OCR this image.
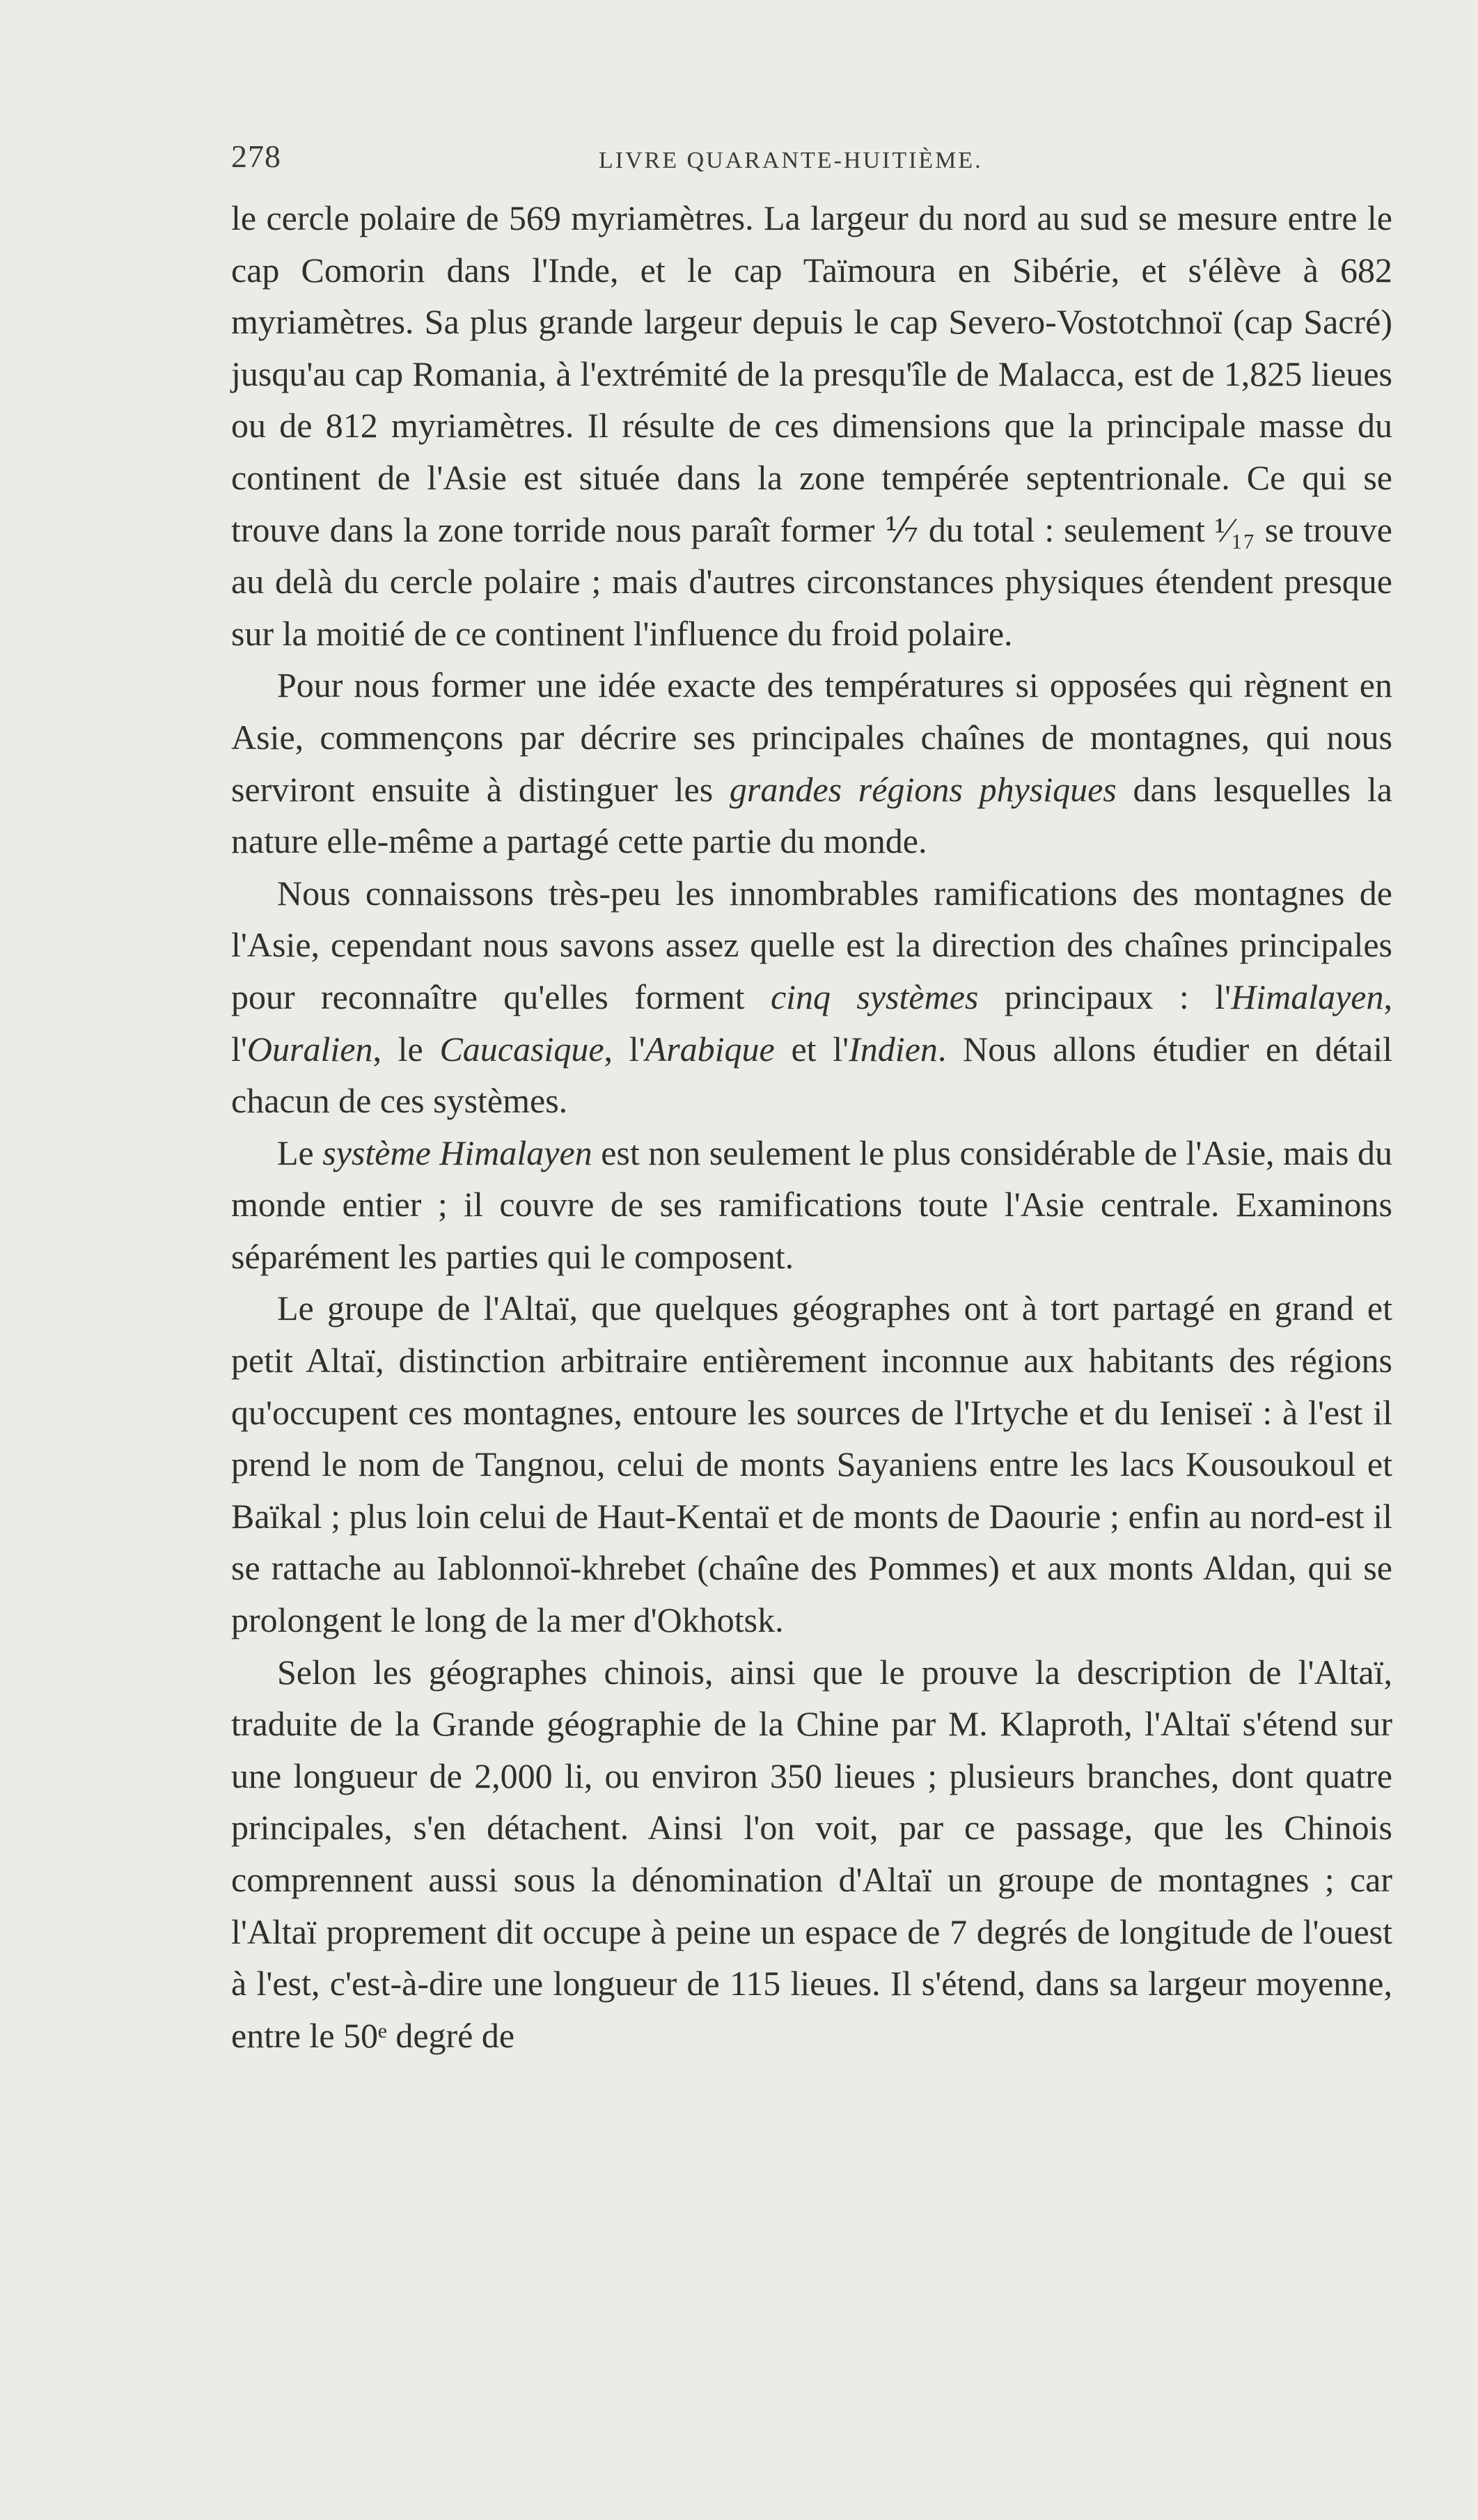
278	LIVRE QUARANTE-HUITIÈME.

le cercle polaire de 569 myriamètres. La largeur du nord au sud se mesure entre le cap Comorin dans l'Inde, et le cap Taïmoura en Sibérie, et s'élève à 682 myriamètres. Sa plus grande largeur depuis le cap Severo-Vostotchnoï (cap Sacré) jusqu'au cap Romania, à l'extrémité de la presqu'île de Malacca, est de 1,825 lieues ou de 812 myriamètres. Il résulte de ces dimensions que la principale masse du continent de l'Asie est située dans la zone tempérée septentrionale. Ce qui se trouve dans la zone torride nous paraît former ⅐ du total : seulement ¹⁄₁₇ se trouve au delà du cercle polaire ; mais d'autres circonstances physiques étendent presque sur la moitié de ce continent l'influence du froid polaire.

Pour nous former une idée exacte des températures si opposées qui règnent en Asie, commençons par décrire ses principales chaînes de montagnes, qui nous serviront ensuite à distinguer les grandes régions physiques dans lesquelles la nature elle-même a partagé cette partie du monde.

Nous connaissons très-peu les innombrables ramifications des montagnes de l'Asie, cependant nous savons assez quelle est la direction des chaînes principales pour reconnaître qu'elles forment cinq systèmes principaux : l'Himalayen, l'Ouralien, le Caucasique, l'Arabique et l'Indien. Nous allons étudier en détail chacun de ces systèmes.

Le système Himalayen est non seulement le plus considérable de l'Asie, mais du monde entier ; il couvre de ses ramifications toute l'Asie centrale. Examinons séparément les parties qui le composent.

Le groupe de l'Altaï, que quelques géographes ont à tort partagé en grand et petit Altaï, distinction arbitraire entièrement inconnue aux habitants des régions qu'occupent ces montagnes, entoure les sources de l'Irtyche et du Ieniseï : à l'est il prend le nom de Tangnou, celui de monts Sayaniens entre les lacs Kousoukoul et Baïkal ; plus loin celui de Haut-Kentaï et de monts de Daourie ; enfin au nord-est il se rattache au Iablonnoï-khrebet (chaîne des Pommes) et aux monts Aldan, qui se prolongent le long de la mer d'Okhotsk.

Selon les géographes chinois, ainsi que le prouve la description de l'Altaï, traduite de la Grande géographie de la Chine par M. Klaproth, l'Altaï s'étend sur une longueur de 2,000 li, ou environ 350 lieues ; plusieurs branches, dont quatre principales, s'en détachent. Ainsi l'on voit, par ce passage, que les Chinois comprennent aussi sous la dénomination d'Altaï un groupe de montagnes ; car l'Altaï proprement dit occupe à peine un espace de 7 degrés de longitude de l'ouest à l'est, c'est-à-dire une longueur de 115 lieues. Il s'étend, dans sa largeur moyenne, entre le 50ᵉ degré de
